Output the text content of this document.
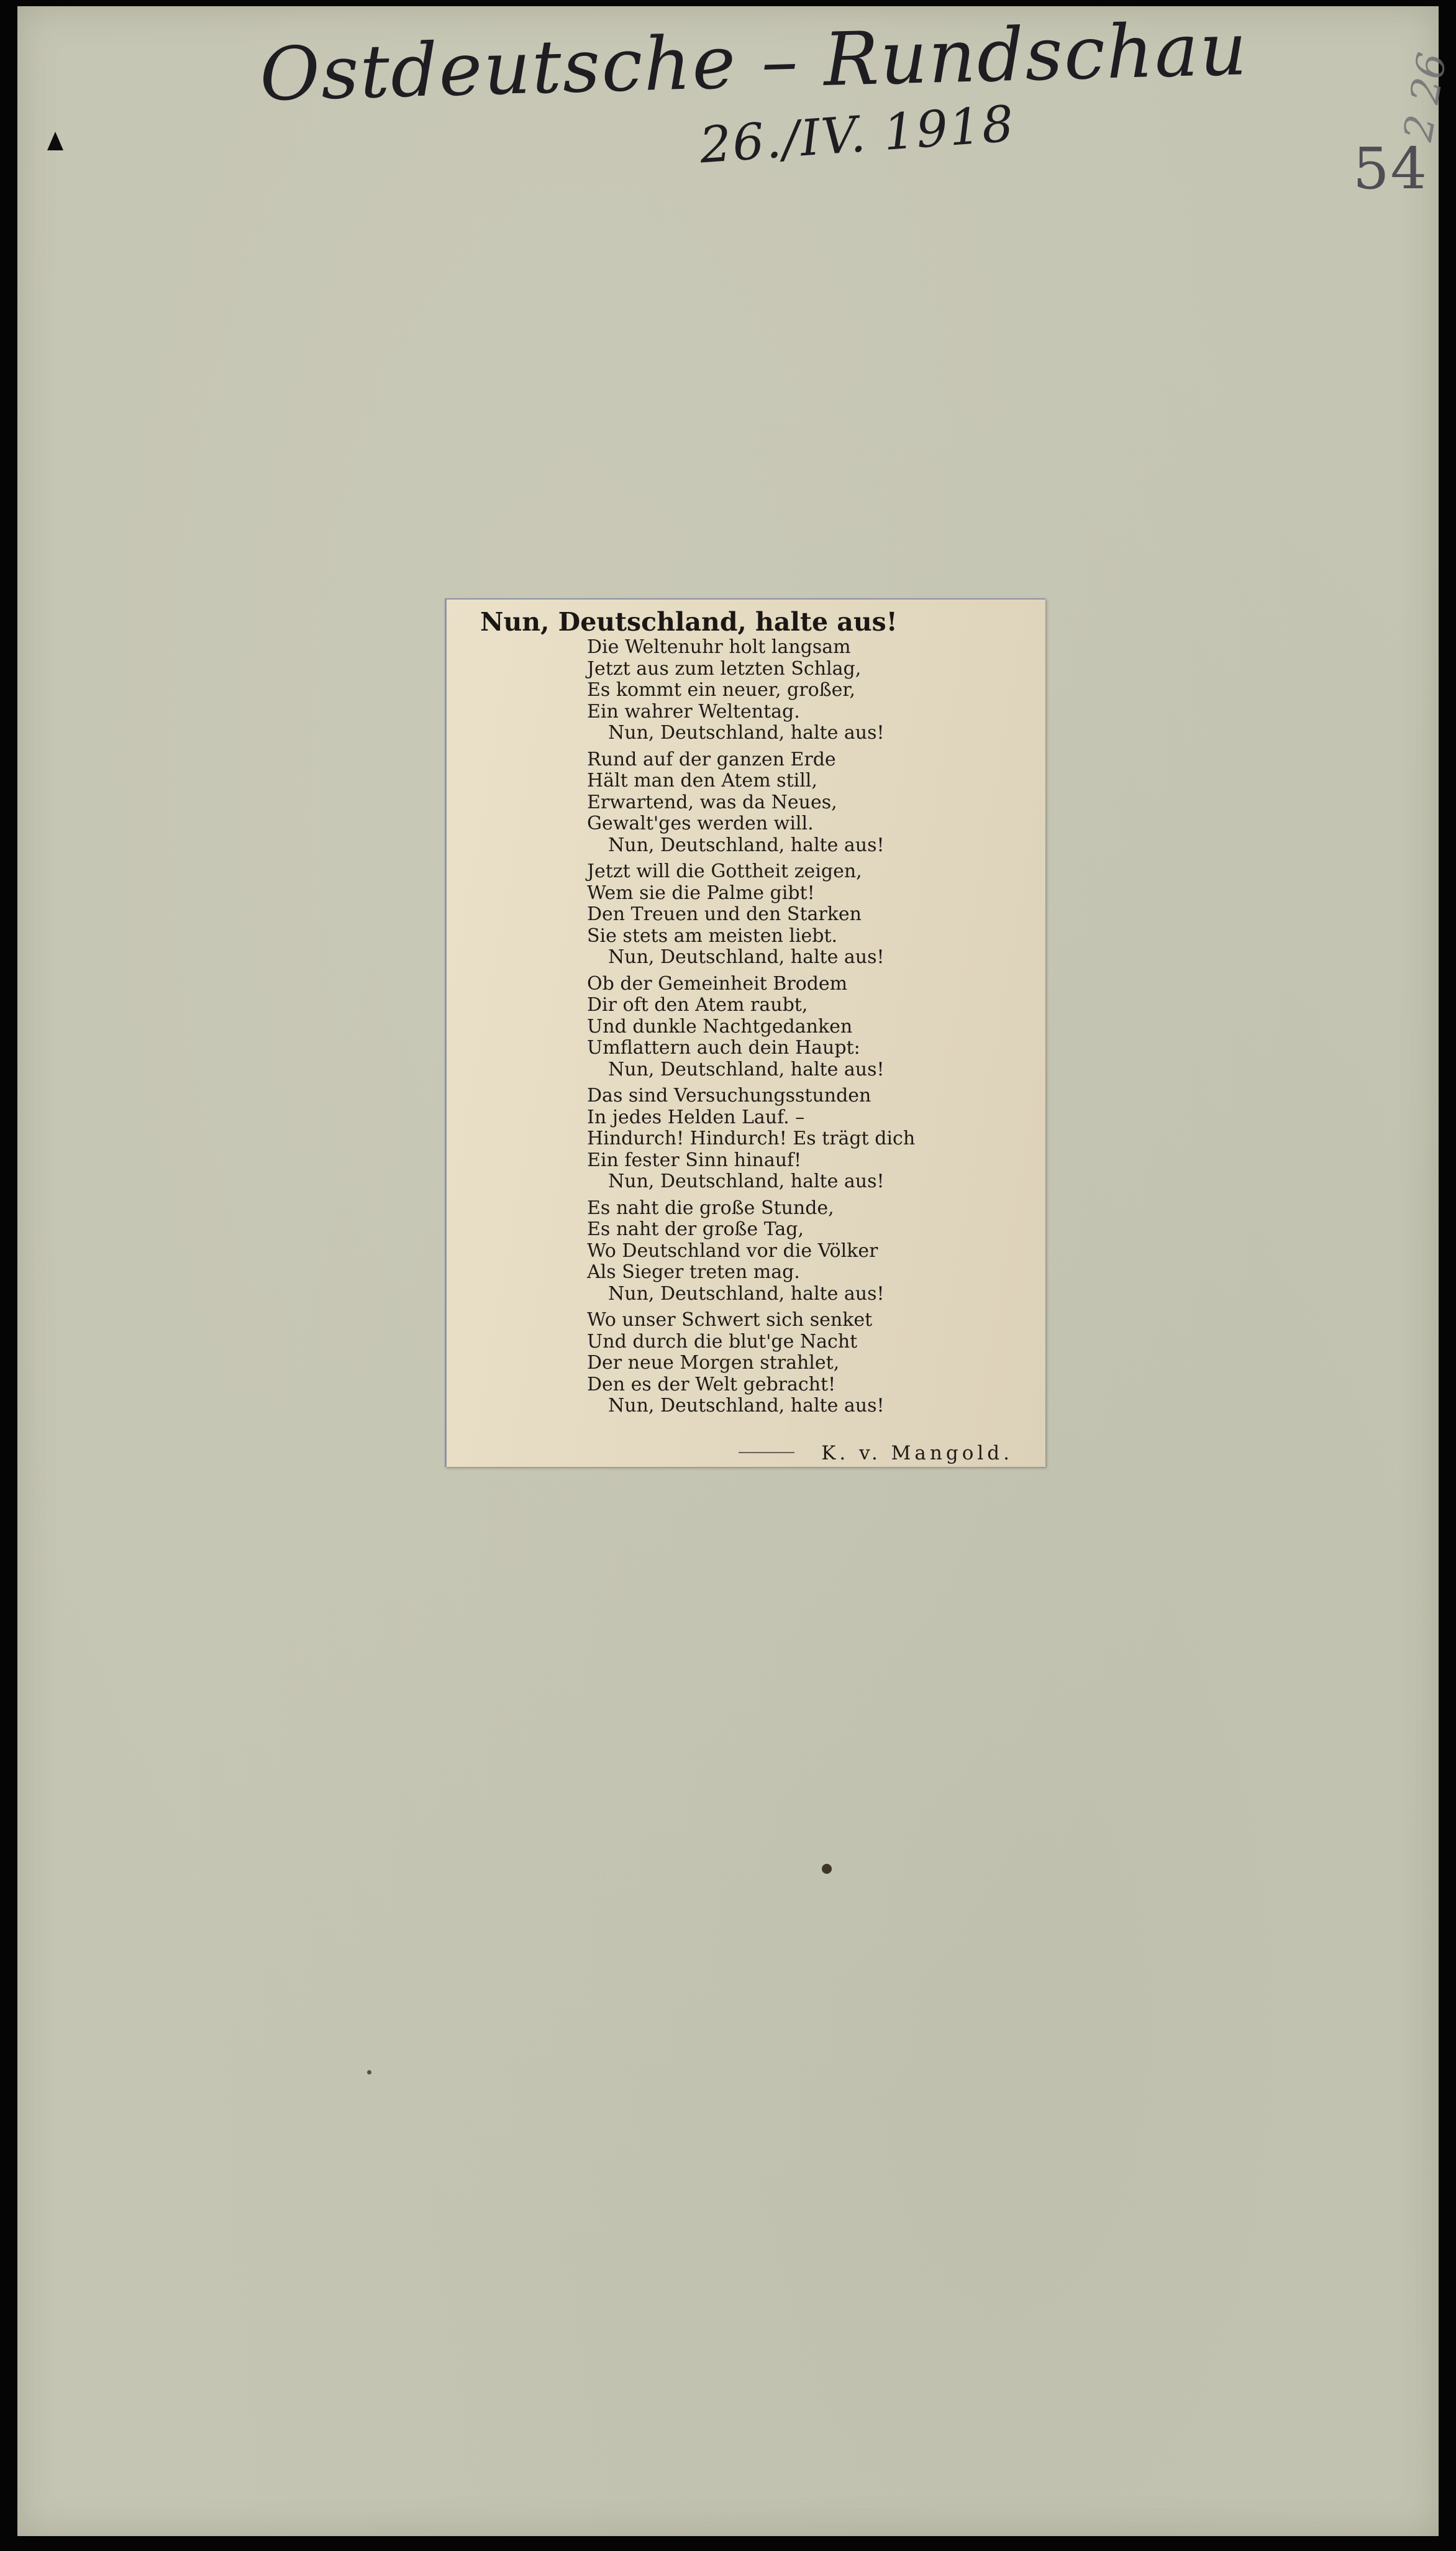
Ostdeutsche – Rundschau

26./IV. 1918	54

2 26

Nun, Deutschland, halte aus!

Die Weltenuhr holt langsam
Jetzt aus zum letzten Schlag,
Es kommt ein neuer, großer,
Ein wahrer Weltentag.
Nun, Deutschland, halte aus!
Rund auf der ganzen Erde
Hält man den Atem still,
Erwartend, was da Neues,
Gewalt'ges werden will.
Nun, Deutschland, halte aus!
Jetzt will die Gottheit zeigen,
Wem sie die Palme gibt!
Den Treuen und den Starken
Sie stets am meisten liebt.
Nun, Deutschland, halte aus!
Ob der Gemeinheit Brodem
Dir oft den Atem raubt,
Und dunkle Nachtgedanken
Umflattern auch dein Haupt:
Nun, Deutschland, halte aus!
Das sind Versuchungsstunden
In jedes Helden Lauf. –
Hindurch! Hindurch! Es trägt dich
Ein fester Sinn hinauf!
Nun, Deutschland, halte aus!
Es naht die große Stunde,
Es naht der große Tag,
Wo Deutschland vor die Völker
Als Sieger treten mag.
Nun, Deutschland, halte aus!
Wo unser Schwert sich senket
Und durch die blut'ge Nacht
Der neue Morgen strahlet,
Den es der Welt gebracht!
Nun, Deutschland, halte aus!

K. v. Mangold.
